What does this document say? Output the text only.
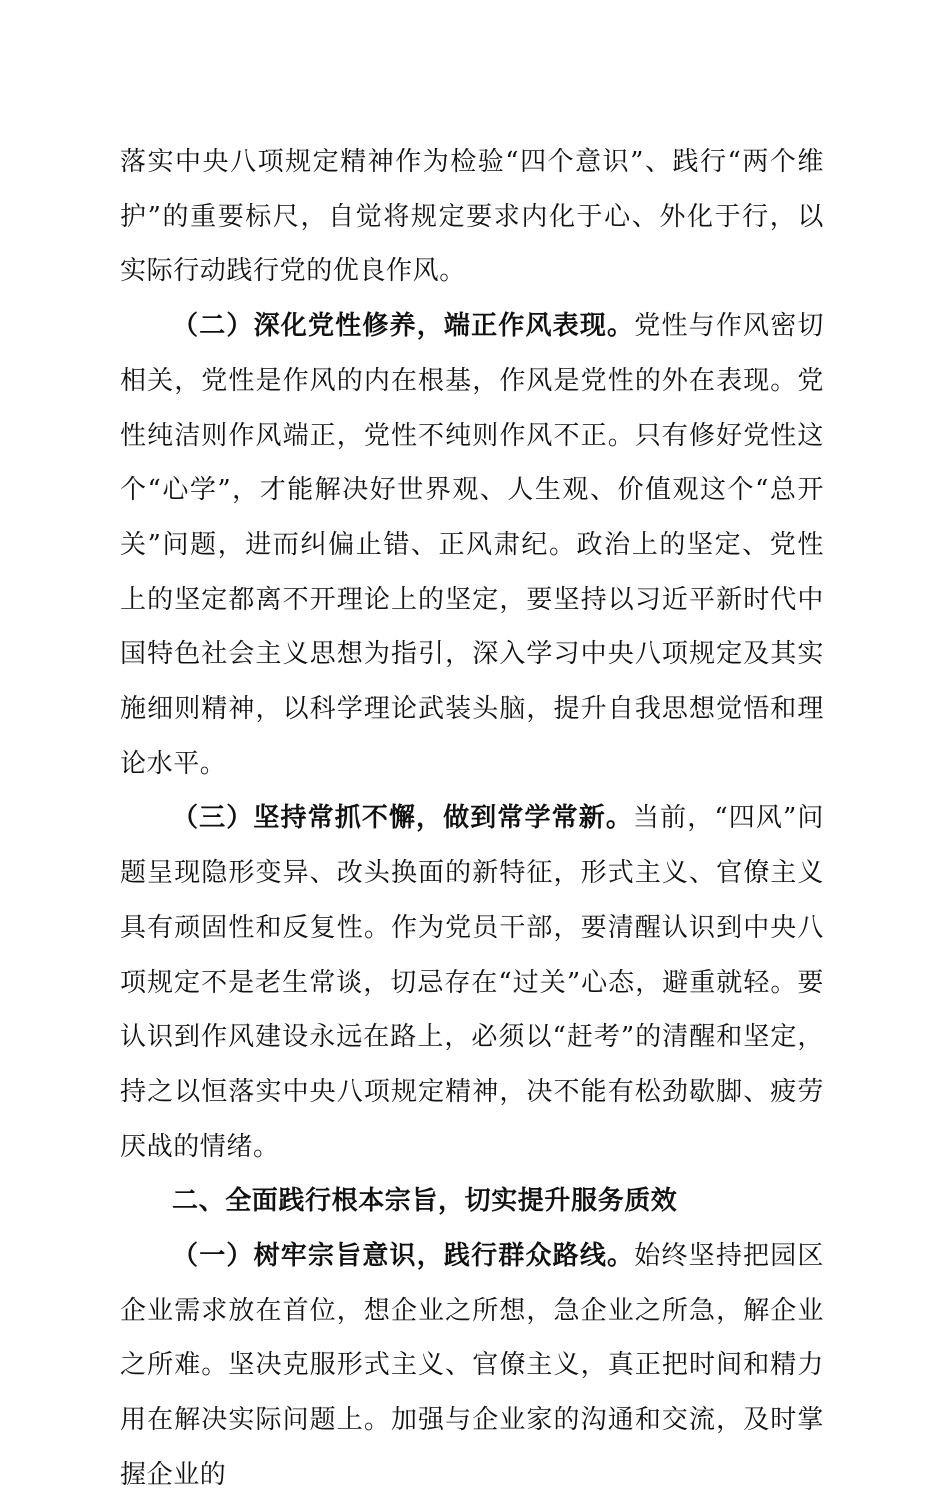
落实中央八项规定精神作为检验“四个意识”、践行“两个维护”的重要标尺，自觉将规定要求内化于心、外化于行，以实际行动践行党的优良作风。

（二）深化党性修养，端正作风表现。党性与作风密切相关，党性是作风的内在根基，作风是党性的外在表现。党性纯洁则作风端正，党性不纯则作风不正。只有修好党性这个“心学”，才能解决好世界观、人生观、价值观这个“总开关”问题，进而纠偏止错、正风肃纪。政治上的坚定、党性上的坚定都离不开理论上的坚定，要坚持以习近平新时代中国特色社会主义思想为指引，深入学习中央八项规定及其实施细则精神，以科学理论武装头脑，提升自我思想觉悟和理论水平。

（三）坚持常抓不懈，做到常学常新。当前，“四风”问题呈现隐形变异、改头换面的新特征，形式主义、官僚主义具有顽固性和反复性。作为党员干部，要清醒认识到中央八项规定不是老生常谈，切忌存在“过关”心态，避重就轻。要认识到作风建设永远在路上，必须以“赶考”的清醒和坚定，持之以恒落实中央八项规定精神，决不能有松劲歇脚、疲劳厌战的情绪。

二、全面践行根本宗旨，切实提升服务质效

（一）树牢宗旨意识，践行群众路线。始终坚持把园区企业需求放在首位，想企业之所想，急企业之所急，解企业之所难。坚决克服形式主义、官僚主义，真正把时间和精力用在解决实际问题上。加强与企业家的沟通和交流，及时掌握企业的
